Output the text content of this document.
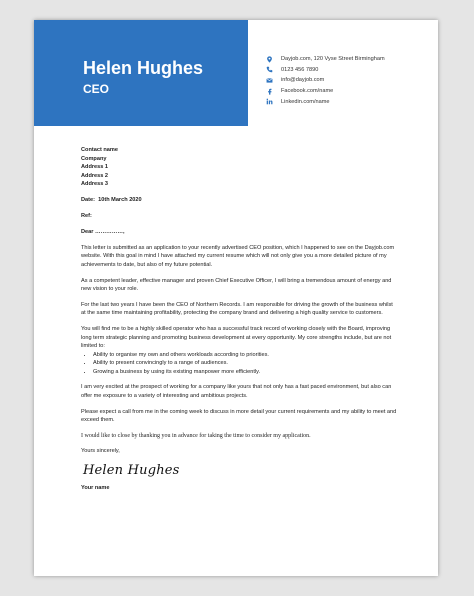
Helen Hughes
CEO
Dayjob.com, 120 Vyse Street Birmingham
0123 456 7890
info@dayjob.com
Facebook.com/name
Linkedin.com/name
Contact name
Company
Address 1
Address 2
Address 3

Date: 10th March 2020

Ref:

Dear ……………,

This letter is submitted as an application to your recently advertised CEO position, which I happened to see on the Dayjob.com website. With this goal in mind I have attached my current resume which will not only give you a more detailed picture of my achievements to date, but also of my future potential.

As a competent leader, effective manager and proven Chief Executive Officer, I will bring a tremendous amount of energy and new vision to your role.

For the last two years I have been the CEO of Northern Records. I am responsible for driving the growth of the business whilst at the same time maintaining profitability, protecting the company brand and delivering a high quality service to customers.

You will find me to be a highly skilled operator who has a successful track record of working closely with the Board, improving long term strategic planning and promoting business development at every opportunity. My core strengths include, but are not limited to:

• Ability to organise my own and others workloads according to priorities.
• Ability to present convincingly to a range of audiences.
• Growing a business by using its existing manpower more efficiently.

I am very excited at the prospect of working for a company like yours that not only has a fast paced environment, but also can offer me exposure to a variety of interesting and ambitious projects.

Please expect a call from me in the coming week to discuss in more detail your current requirements and my ability to meet and exceed them.

I would like to close by thanking you in advance for taking the time to consider my application.

Yours sincerely,

Helen Hughes

Your name
